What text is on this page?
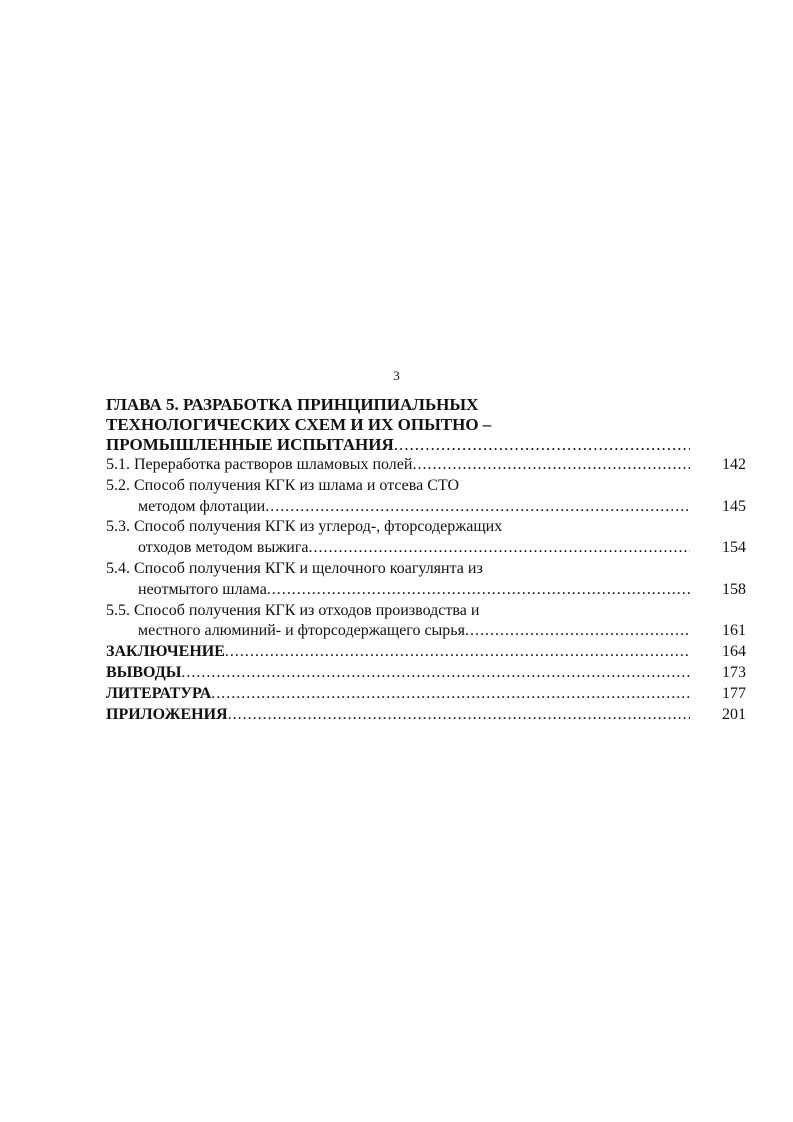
3
ГЛАВА 5. РАЗРАБОТКА ПРИНЦИПИАЛЬНЫХ
ТЕХНОЛОГИЧЕСКИХ СХЕМ И ИХ ОПЫТНО –
ПРОМЫШЛЕННЫЕ ИСПЫТАНИЯ
.....
5.1. Переработка растворов шламовых полей .....	142
5.2. Способ получения КГК из шлама и отсева СТО
методом флотации .....	145
5.3. Способ получения КГК из углерод-, фторсодержащих
отходов методом выжига .....	154
5.4. Способ получения КГК и щелочного коагулянта из
неотмытого шлама .....	158
5.5. Способ получения КГК из отходов производства и
местного алюминий- и фторсодержащего сырья .....	161
ЗАКЛЮЧЕНИЕ .....	164
ВЫВОДЫ .....	173
ЛИТЕРАТУРА .....	177
ПРИЛОЖЕНИЯ .....	201
